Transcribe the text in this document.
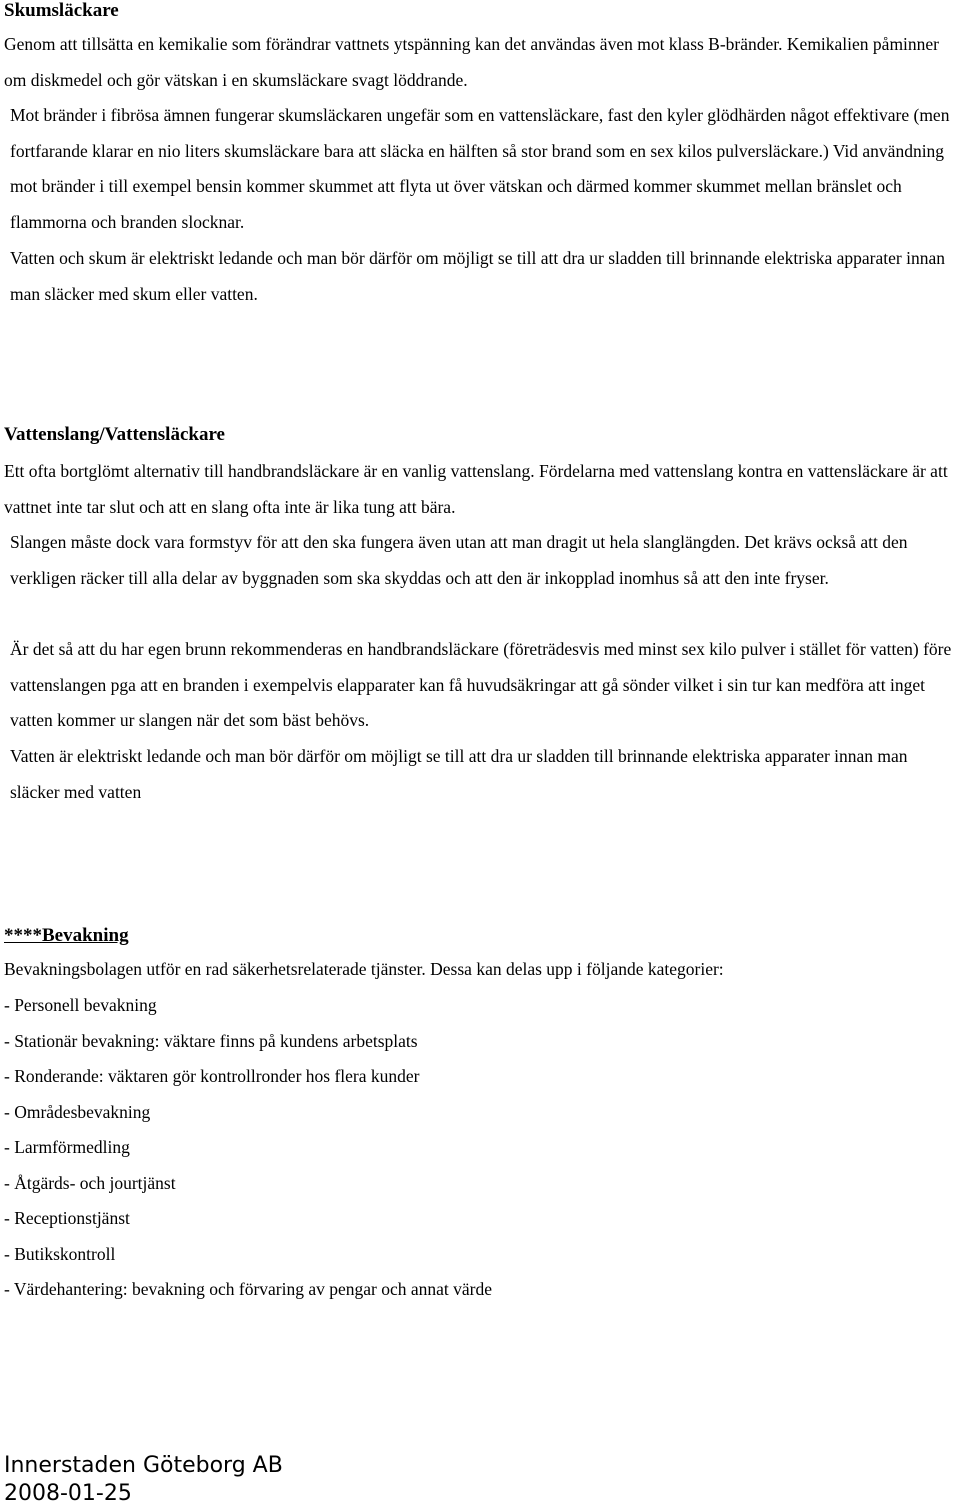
Skumsläckare

Genom att tillsätta en kemikalie som förändrar vattnets ytspänning kan det användas även mot klass B-bränder. Kemikalien påminner om diskmedel och gör vätskan i en skumsläckare svagt löddrande.

Mot bränder i fibrösa ämnen fungerar skumsläckaren ungefär som en vattensläckare, fast den kyler glödhärden något effektivare (men fortfarande klarar en nio liters skumsläckare bara att släcka en hälften så stor brand som en sex kilos pulversläckare.) Vid användning mot bränder i till exempel bensin kommer skummet att flyta ut över vätskan och därmed kommer skummet mellan bränslet och flammorna och branden slocknar.

Vatten och skum är elektriskt ledande och man bör därför om möjligt se till att dra ur sladden till brinnande elektriska apparater innan man släcker med skum eller vatten.

Vattenslang/Vattensläckare

Ett ofta bortglömt alternativ till handbrandsläckare är en vanlig vattenslang. Fördelarna med vattenslang kontra en vattensläckare är att vattnet inte tar slut och att en slang ofta inte är lika tung att bära.

Slangen måste dock vara formstyv för att den ska fungera även utan att man dragit ut hela slanglängden. Det krävs också att den verkligen räcker till alla delar av byggnaden som ska skyddas och att den är inkopplad inomhus så att den inte fryser.

Är det så att du har egen brunn rekommenderas en handbrandsläckare (företrädesvis med minst sex kilo pulver i stället för vatten) före vattenslangen pga att en branden i exempelvis elapparater kan få huvudsäkringar att gå sönder vilket i sin tur kan medföra att inget vatten kommer ur slangen när det som bäst behövs.

Vatten är elektriskt ledande och man bör därför om möjligt se till att dra ur sladden till brinnande elektriska apparater innan man släcker med vatten

****Bevakning

Bevakningsbolagen utför en rad säkerhetsrelaterade tjänster. Dessa kan delas upp i följande kategorier:

- Personell bevakning
- Stationär bevakning: väktare finns på kundens arbetsplats
- Ronderande: väktaren gör kontrollronder hos flera kunder
- Områdesbevakning
- Larmförmedling
- Åtgärds- och jourtjänst
- Receptionstjänst
- Butikskontroll
- Värdehantering: bevakning och förvaring av pengar och annat värde

Innerstaden Göteborg AB

2008-01-25
